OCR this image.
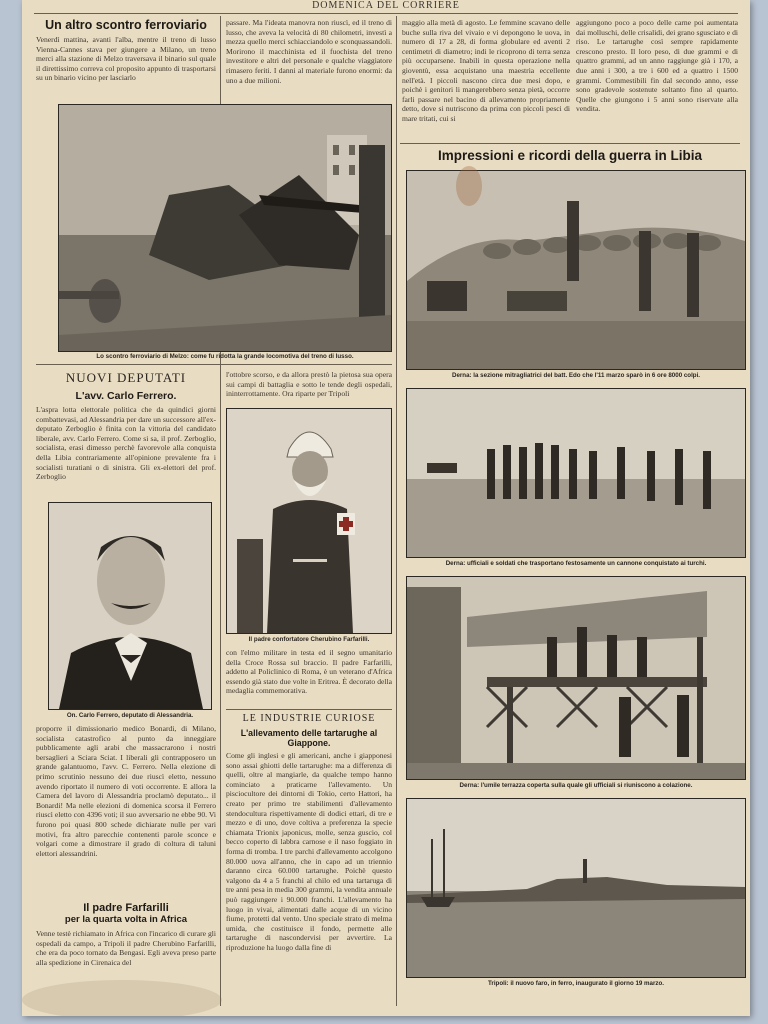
DOMENICA DEL CORRIERE
Un altro scontro ferroviario
Venerdì mattina, avanti l'alba, mentre il treno di lusso Vienna-Cannes stava per giungere a Milano, un treno merci alla stazione di Melzo traversava il binario sul quale il direttissimo correva col proposito appunto di trasportarsi su un binario vicino per lasciarlo
Lo scontro ferroviario di Melzo: come fu ridotta la grande locomotiva del treno di lusso.
passare. Ma l'ideata manovra non riuscì, ed il treno di lusso, che aveva la velocità di 80 chilometri, investì a mezza quello merci schiacciandolo e sconquassandoli. Morirono il macchinista ed il fuochista del treno investitore e altri del personale e qualche viaggiatore rimasero feriti. I danni al materiale furono enormi: da uno a due milioni.
NUOVI DEPUTATI
L'avv. Carlo Ferrero.
L'aspra lotta elettorale politica che da quindici giorni combattevasi, ad Alessandria per dare un successore all'ex-deputato Zerboglio è finita con la vittoria del candidato liberale, avv. Carlo Ferrero. Come si sa, il prof. Zerboglio, socialista, erasi dimesso perchè favorevole alla conquista della Libia contrariamente all'opinione prevalente fra i socialisti turatiani o di sinistra. Gli ex-elettori del prof. Zerboglio
On. Carlo Ferrero, deputato di Alessandria.
proporre il dimissionario medico Bonardi, di Milano, socialista catastrofico al punto da inneggiare pubblicamente agli arabi che massacrarono i nostri bersaglieri a Sciara Sciat. I liberali gli contrapposero un grande galantuomo, l'avv. C. Ferrero. Nella elezione di primo scrutinio nessuno dei due riuscì eletto, nessuno avendo riportato il numero di voti occorrente. E allora la Camera del lavoro di Alessandria proclamò deputato... il Bonardi! Ma nelle elezioni di domenica scorsa il Ferrero riuscì eletto con 4396 voti; il suo avversario ne ebbe 90. Vi furono poi quasi 800 schede dichiarate nulle per vari motivi, fra altro parecchie contenenti parole sconce e volgari come a dimostrare il grado di coltura di taluni elettori alessandrini.
Il padre Farfarilli
per la quarta volta in Africa
Venne testè richiamato in Africa con l'incarico di curare gli ospedali da campo, a Tripoli il padre Cherubino Farfarilli, che era da poco tornato da Bengasi. Egli aveva preso parte alla spedizione in Cirenaica del
l'ottobre scorso, e da allora prestò la pietosa sua opera sui campi di battaglia e sotto le tende degli ospedali, ininterrottamente. Ora riparte per Tripoli
Il padre confortatore Cherubino Farfarilli.
con l'elmo militare in testa ed il segno umanitario della Croce Rossa sul braccio. Il padre Farfarilli, addetto al Policlinico di Roma, è un veterano d'Africa essendo già stato due volte in Eritrea. È decorato della medaglia commemorativa.
LE INDUSTRIE CURIOSE
L'allevamento delle tartarughe al Giappone.
Come gli inglesi e gli americani, anche i giapponesi sono assai ghiotti delle tartarughe: ma a differenza di quelli, oltre al mangiarle, da qualche tempo hanno cominciato a praticarne l'allevamento. Un pisciocultore dei dintorni di Tokio, certo Hattori, ha creato per primo tre stabilimenti d'allevamento stendocultura rispettivamente di dodici ettari, di tre e mezzo e di uno, dove coltiva a preferenza la specie chiamata Trionix japonicus, molle, senza guscio, col becco coperto di labbra carnose e il naso foggiato in forma di tromba. I tre parchi d'allevamento accolgono 80.000 uova all'anno, che in capo ad un triennio daranno circa 60.000 tartarughe. Poichè questo valgono da 4 a 5 franchi al chilo ed una tartaruga di tre anni pesa in media 300 grammi, la vendita annuale può raggiungere i 90.000 franchi. L'allevamento ha luogo in vivai, alimentati dalle acque di un vicino fiume, protetti dal vento. Uno speciale strato di melma umida, che costituisce il fondo, permette alle tartarughe di nascondervisi per avvertire. La riproduzione ha luogo dalla fine di
maggio alla metà di agosto. Le femmine scavano delle buche sulla riva del vivaio e vi depongono le uova, in numero di 17 a 28, di forma globulare ed aventi 2 centimetri di diametro; indi le ricoprono di terra senza più occuparsene. Inabili in questa operazione nella gioventù, essa acquistano una maestria eccellente nell'età. I piccoli nascono circa due mesi dopo, e poichè i genitori li mangerebbero senza pietà, occorre farli passare nel bacino di allevamento propriamente detto, dove si nutriscono da prima con piccoli pesci di mare tritati, cui si
aggiungono poco a poco delle carne poi aumentata dai molluschi, delle crisalidi, dei grano sgusciato e di riso. Le tartarughe così sempre rapidamente crescono presto. Il loro peso, di due grammi e di quattro grammi, ad un anno raggiunge già i 170, a due anni i 300, a tre i 600 ed a quattro i 1500 grammi. Commestibili fin dal secondo anno, esse sono gradevole sostenute soltanto fino al quarto. Quelle che giungono i 5 anni sono riservate alla vendita.
Impressioni e ricordi della guerra in Libia
Derna: la sezione mitragliatrici del batt. Edo che l'11 marzo sparò in 6 ore 8000 colpi.
Derna: ufficiali e soldati che trasportano festosamente un cannone conquistato ai turchi.
Derna: l'umile terrazza coperta sulla quale gli ufficiali si riuniscono a colazione.
Tripoli: il nuovo faro, in ferro, inaugurato il giorno 19 marzo.
